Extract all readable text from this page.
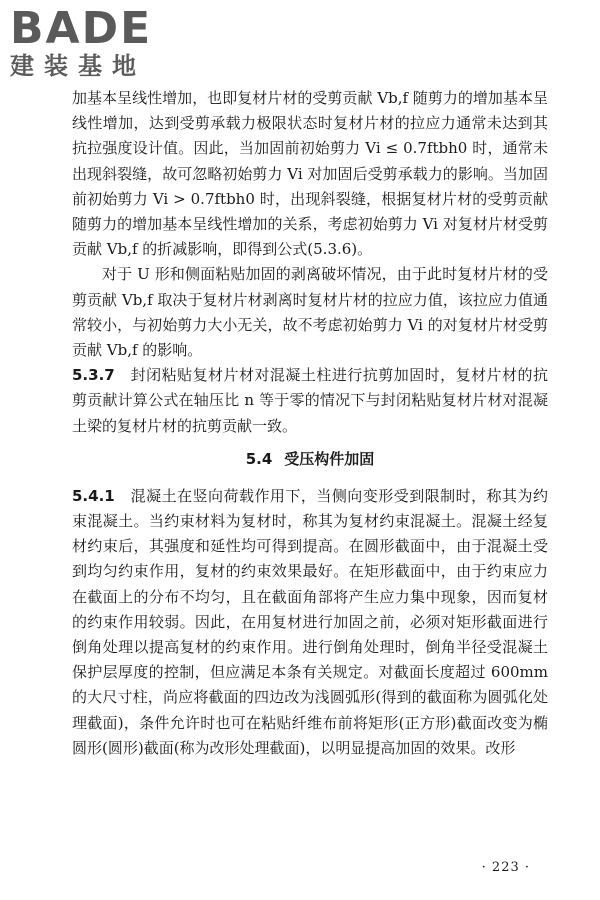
BADE
建装基地

加基本呈线性增加，也即复材片材的受剪贡献 Vb,f 随剪力的增加基本呈线性增加，达到受剪承载力极限状态时复材片材的拉应力通常未达到其抗拉强度设计值。因此，当加固前初始剪力 Vi ≤ 0.7ftbh0 时，通常未出现斜裂缝，故可忽略初始剪力 Vi 对加固后受剪承载力的影响。当加固前初始剪力 Vi > 0.7ftbh0 时，出现斜裂缝，根据复材片材的受剪贡献随剪力的增加基本呈线性增加的关系，考虑初始剪力 Vi 对复材片材受剪贡献 Vb,f 的折减影响，即得到公式(5.3.6)。

对于 U 形和侧面粘贴加固的剥离破坏情况，由于此时复材片材的受剪贡献 Vb,f 取决于复材片材剥离时复材片材的拉应力值，该拉应力值通常较小，与初始剪力大小无关，故不考虑初始剪力 Vi 的对复材片材受剪贡献 Vb,f 的影响。

5.3.7　 封闭粘贴复材片材对混凝土柱进行抗剪加固时，复材片材的抗剪贡献计算公式在轴压比 n 等于零的情况下与封闭粘贴复材片材对混凝土梁的复材片材的抗剪贡献一致。

5.4 受压构件加固

5.4.1　 混凝土在竖向荷载作用下，当侧向变形受到限制时，称其为约束混凝土。当约束材料为复材时，称其为复材约束混凝土。混凝土经复材约束后，其强度和延性均可得到提高。在圆形截面中，由于混凝土受到均匀约束作用，复材的约束效果最好。在矩形截面中，由于约束应力在截面上的分布不均匀，且在截面角部将产生应力集中现象，因而复材的约束作用较弱。因此，在用复材进行加固之前，必须对矩形截面进行倒角处理以提高复材的约束作用。进行倒角处理时，倒角半径受混凝土保护层厚度的控制，但应满足本条有关规定。对截面长度超过 600mm 的大尺寸柱，尚应将截面的四边改为浅圆弧形(得到的截面称为圆弧化处理截面)，条件允许时也可在粘贴纤维布前将矩形(正方形)截面改变为椭圆形(圆形)截面(称为改形处理截面)，以明显提高加固的效果。改形

· 223 ·
